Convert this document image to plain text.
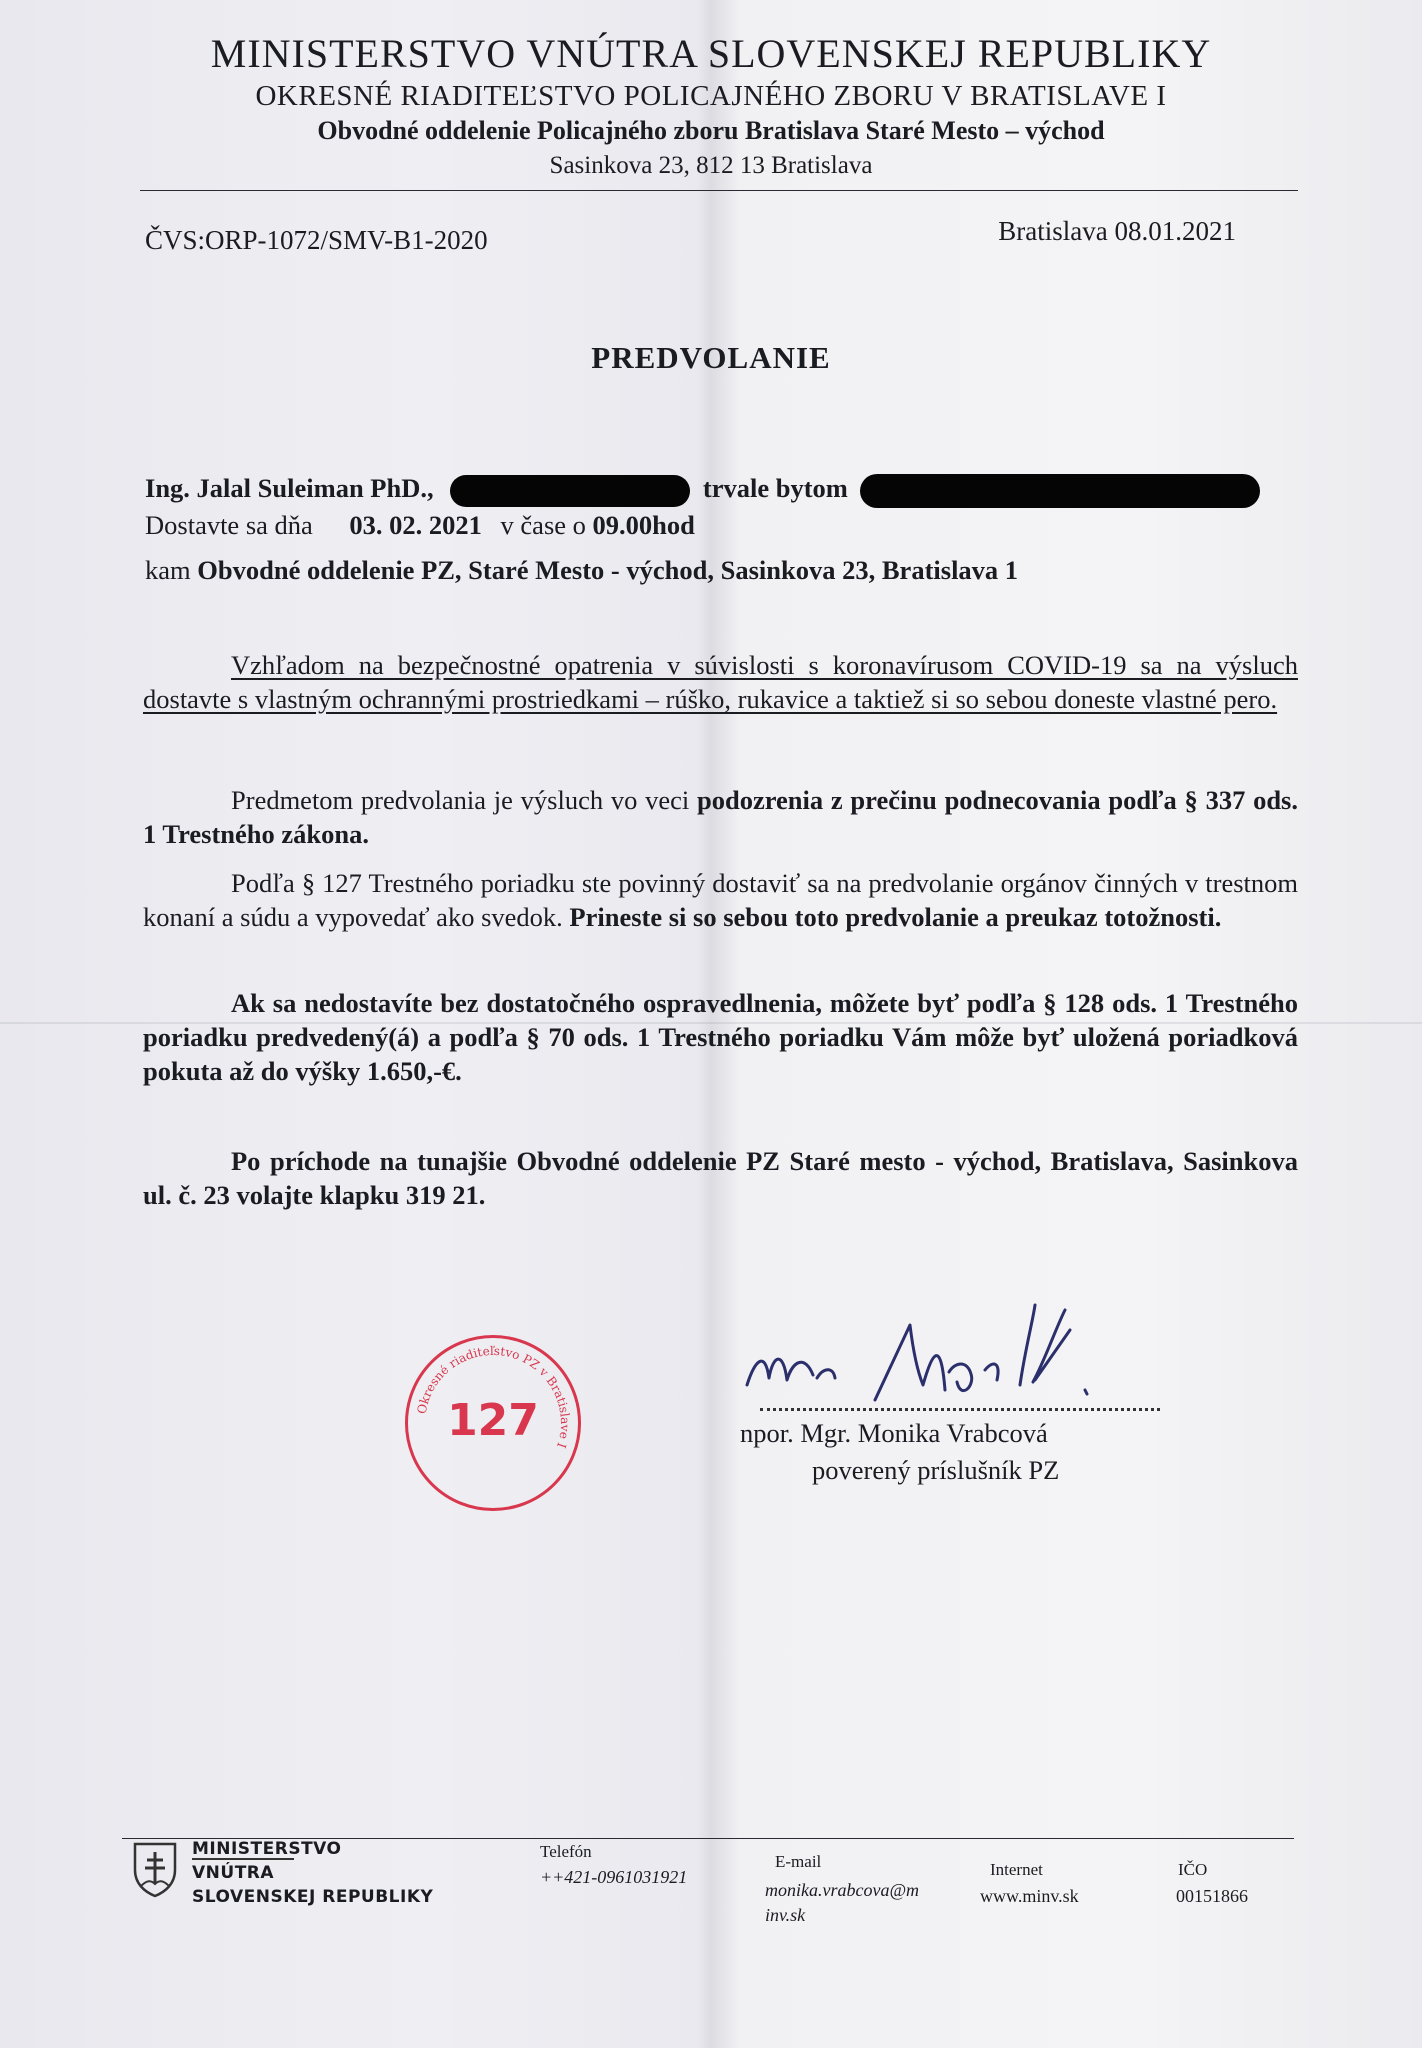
MINISTERSTVO VNÚTRA SLOVENSKEJ REPUBLIKY
OKRESNÉ RIADITEĽSTVO POLICAJNÉHO ZBORU V BRATISLAVE I
Obvodné oddelenie Policajného zboru Bratislava Staré Mesto – východ
Sasinkova 23, 812 13 Bratislava
ČVS:ORP-1072/SMV-B1-2020	Bratislava 08.01.2021
PREDVOLANIE
Ing. Jalal Suleiman PhD.,	trvale bytom
Dostavte sa dňa 03. 02. 2021 v čase o 09.00hod
kam Obvodné oddelenie PZ, Staré Mesto - východ, Sasinkova 23, Bratislava 1
Vzhľadom na bezpečnostné opatrenia v súvislosti s koronavírusom COVID-19 sa na výsluch dostavte s vlastným ochrannými prostriedkami – rúško, rukavice a taktiež si so sebou doneste vlastné pero.
Predmetom predvolania je výsluch vo veci podozrenia z prečinu podnecovania podľa § 337 ods. 1 Trestného zákona.
Podľa § 127 Trestného poriadku ste povinný dostaviť sa na predvolanie orgánov činných v trestnom konaní a súdu a vypovedať ako svedok. Prineste si so sebou toto predvolanie a preukaz totožnosti.
Ak sa nedostavíte bez dostatočného ospravedlnenia, môžete byť podľa § 128 ods. 1 Trestného poriadku predvedený(á) a podľa § 70 ods. 1 Trestného poriadku Vám môže byť uložená poriadková pokuta až do výšky 1.650,-€.
Po príchode na tunajšie Obvodné oddelenie PZ Staré mesto - východ, Bratislava, Sasinkova ul. č. 23 volajte klapku 319 21.
Okresné riaditeľstvo PZ v Bratislave I
127	npor. Mgr. Monika Vrabcová
poverený príslušník PZ
MINISTERSTVO
VNÚTRA
SLOVENSKEJ REPUBLIKY
Telefón
++421-0961031921
E-mail
monika.vrabcova@m
inv.sk
Internet
www.minv.sk
IČO
00151866
